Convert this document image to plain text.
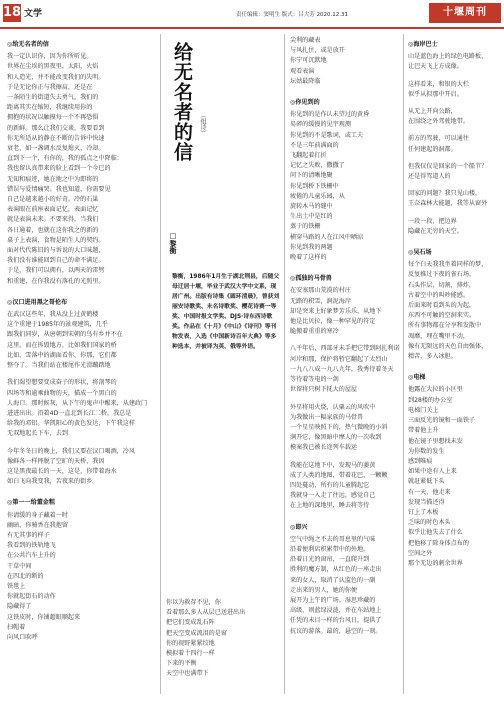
18 文学	责任编辑：窦明生 版式：吕大芳 2020.12.31	十堰周刊

◎给无名者的信

我一定认识你，因为你所听见。

世界在尘埃的黑夜里，太阳，火焰

和人造光，并不能改变我们的失明。

于是无论你正与我擦肩，还是在

一条陌生的街道失去勇气，我们的

距离其实在缩短，我继续用你的

拥抱的状况以触摸每一个不再恐惧

的新鲜。那么让我们交谈，我要看到

你无所适从的静在不断的告诉中快速

衰老，如一盏调水反复熄灭，冷却。

直到下一个，有你的，我的孤点之中降临：

我也留认真带来的脸上看到一个今已的

无知和痕迹，她在地之中为即将的

错误与爱情痛哭。我也知道，你需要见

自己是越来越小的好奇。冷的石巢

表演眼在前座表面记忆，表面记忆

就是表演未来。不要来得，当我们

各日通着，也就在这你我之的新的

桌子上表演，食物是陌生人的契约。

面对代代陈旧的与诉说的大口味题，

我们没有谁能回到自己的命不满足。

于是，我们可以拥有，以两天的雷劈

和重建，在你我没有落孔的光照里。

◎汉口进用黑之哥伦布

在武汉这些年，我从没上过黄鹤楼

这个重建于1985年的景观建筑，几乎

跟我们同岁，从唐朝到宋朝的鸟有乡并不在

这里。而在拆毁地方，比如我们国家的桥

比如，雪落中的湖面看你，你那，它们都

整夺了。当我们站在楼尾作光滑蹦踏地

我们渴望想要变成奋子的形状，将剖琴的

四场等和逾乘曲物的天，描成一个黑白的

人海口。那时候灰，从下午的鬼声中醒来，从建政门

进进出出。沿着4D一直北到长江二桥，我总是

给我的邓铝。华凯阳心的黄色发达，下午我这样

无双地起长下车，去到

今年冬冬日的晚上，我们又要在汉口喝酒，冷风

像鲜各一样摔脱了空旷的天桥，我因

这是黑夜最长的一天，这是，你带着海水

如白飞向我变我，苦夜来的街乡。

◎第一一给董金粗

你请缓的身子藏着一时

幽暗，你骑香在我抱留

有无其事的样子

我看到的铁轨地飞

在公共汽车上升的

干草中间

在四北的断的

铁毯上

你就起街石的动作

隐藏得了

这铁皮时，你铺超眼顺起来

扫帽着

向风口吹呼

给无名者的信 （组诗）
□黎衡
黎衡，1986年1月生于湖北荆县，后随父母迁居十堰，毕业于武汉大学中文系，现居广州。出版有诗集《圆环清晨》，曾获刘丽安诗歌奖、未名诗歌奖、樱花诗赛一等奖、中国时报文学奖、DJS·诗东西诗歌奖。作品在《十月》《中山》《诗刊》等刊物发表，入选《中国新诗百年大典》等多种选本，并被译为英、俄等外语。

你以为救存不见，你

看着那么多人从层已送进出出

把它们变成乱石阵

把天空变成流泪的是窗

你的视野紧紧绞地

模拟着十四行一样

下来的平衡

天空中也满带下

尖利的藏表

与风扎住，或是放开

你宁可沉默地

观看表演

坛姑最降临

◎你见到的

你见到的是作认未望过的黄昏

易碎的缓慢的见宇观测

你见到的不是歌词，或工夫

不是三年前满面的

飞翻起着打折

记忆之失败，撒撒了

问下的清晰地聚

你见到桥下铁栅中

疲倦的儿童乐园，从

旋转木马的缝中

生出土中是红的

蒸于的铁栅

横穿马路的人在江风中晒涼

你见到我的两题

晚着了这样的

◎孤独的马骨兽

在安塞那山荒漠的村庄

无路的积雪，涧泥海岸

却是突来上好象梦芳乐乐，从地下

他是比贝拉，像一种罕见的符定

脆搬着重重的寒冷

八千年后，西部牙未手把它带到阿扎利诺

河岸和那，保护将暂它翻起了太烈山

一九八八成一九八九年，我秀待着冬天

等待着等电的一剑

世留将只树下抚大的屋屋

外星将用火烧，认粟云的风吹中

为我做出一幅家族的马骨兽

一个星星映照下的，热气微晚的小斜

涧开它，像黑暗中摩人的一次收到

模案我已被长途列车载运

我能在这地下中，发现马的萎黄

成了人类的地图，带着花巴，一颗颗

四处蔓动，所有的儿童腾起它

我就身一入走了往远，感觉自己

在上地的深地里，睡去将等待

◎即兴

空气中绳之不去的哥息里的气味

沿着便利店积累带中的外地。

沿着日光的窗帘，一直爬升到

胜利的魔方制，从红色的一座走出

来的女人，取消了认监色的一副

走出来的男人，她的你便

展开为上午的广场。湿思珍藏的

高级，则蓝绿浸涟，并在车站地上

任凭的未目一样的台风日，提供了

抗议的游落。最的，悬空的一刻。

◎海岸巴士

山是蓝色海上的绿色电路板，

让巴天飞上方成像。

这样看来，和银的大栏

似乎从拟那中开启。

从无上开向公路，

在围绕之外驾驶地带。

前方的驾驶，可以通往

任何建起的洞都。

但我仅仅是回家的一个船节？

还是得驾道人的

回家的问题？我只见山楼，

王奈森林大能题，我等从窗外

一段一段，把边界

隐藏在无穷的天空。

◎吴石场

每个白天我我坐着同样的梦，

反复推过下夜的雀石场。

石头作层，切割，排炸，

古着空中的叫吵能感。

后面来时看到头的为起，

东西不可触的空洞来实。

所有事物都在分享和发散中

凋靡，埋在嘴里不动，

像有无限远的天色自由强体，

精苦，多入冰胆。

◎电梯

他露在大拉的小区里

到28楼的办公室

电梯门关上

三面反光的镜和一面铁子

带着他上升

他在镜子里想找未发

为你数的发生

感到唯痕

如果中途有人上来

就赶紧低下头

有一天，他走来

发现当描还得

钉上了木板

乏味的时色木头

似乎让他失去了什么

把他移了除身体点布的

空间之外

那个无边的刺余世界
